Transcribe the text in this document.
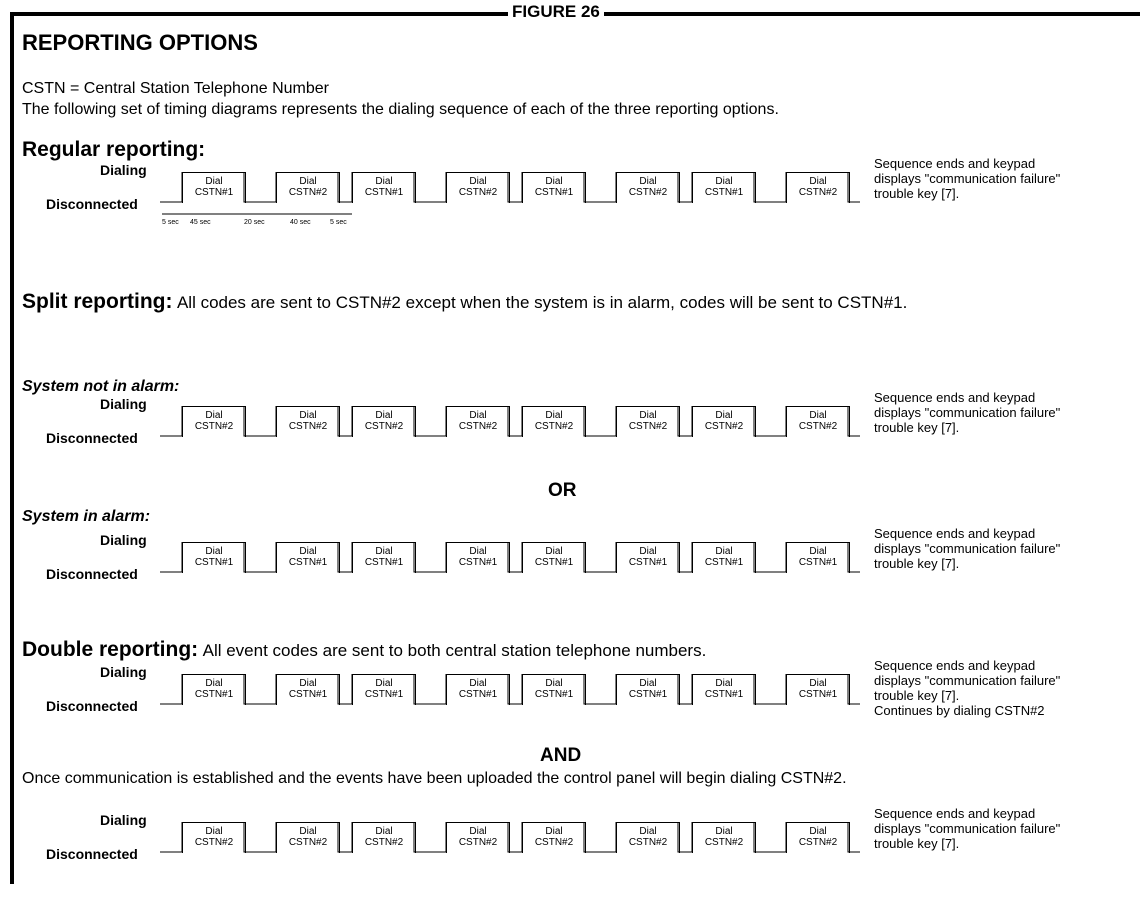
FIGURE 26
REPORTING OPTIONS
CSTN = Central Station Telephone Number
The following set of timing diagrams represents the dialing sequence of each of the three reporting options.
Regular reporting:
Dialing
Disconnected
Dial
CSTN#1
Dial
CSTN#2
Dial
CSTN#1
Dial
CSTN#2
Dial
CSTN#1
Dial
CSTN#2
Dial
CSTN#1
Dial
CSTN#2
5 sec 45 sec	20 sec	40 sec	5 sec
Sequence ends and keypad
displays "communication failure"
trouble key [7].
Split reporting: All codes are sent to CSTN#2 except when the system is in alarm, codes will be sent to CSTN#1.
System not in alarm:
Dialing
Disconnected
Dial
CSTN#2
Dial
CSTN#2
Dial
CSTN#2
Dial
CSTN#2
Dial
CSTN#2
Dial
CSTN#2
Dial
CSTN#2
Dial
CSTN#2
Sequence ends and keypad
displays "communication failure"
trouble key [7].
OR
System in alarm:
Dialing
Disconnected
Dial
CSTN#1
Dial
CSTN#1
Dial
CSTN#1
Dial
CSTN#1
Dial
CSTN#1
Dial
CSTN#1
Dial
CSTN#1
Dial
CSTN#1
Sequence ends and keypad
displays "communication failure"
trouble key [7].
Double reporting: All event codes are sent to both central station telephone numbers.
Dialing
Disconnected
Dial
CSTN#1
Dial
CSTN#1
Dial
CSTN#1
Dial
CSTN#1
Dial
CSTN#1
Dial
CSTN#1
Dial
CSTN#1
Dial
CSTN#1
Sequence ends and keypad
displays "communication failure"
trouble key [7].
Continues by dialing CSTN#2
AND
Once communication is established and the events have been uploaded the control panel will begin dialing CSTN#2.
Dialing
Disconnected
Dial
CSTN#2
Dial
CSTN#2
Dial
CSTN#2
Dial
CSTN#2
Dial
CSTN#2
Dial
CSTN#2
Dial
CSTN#2
Dial
CSTN#2
Sequence ends and keypad
displays "communication failure"
trouble key [7].
